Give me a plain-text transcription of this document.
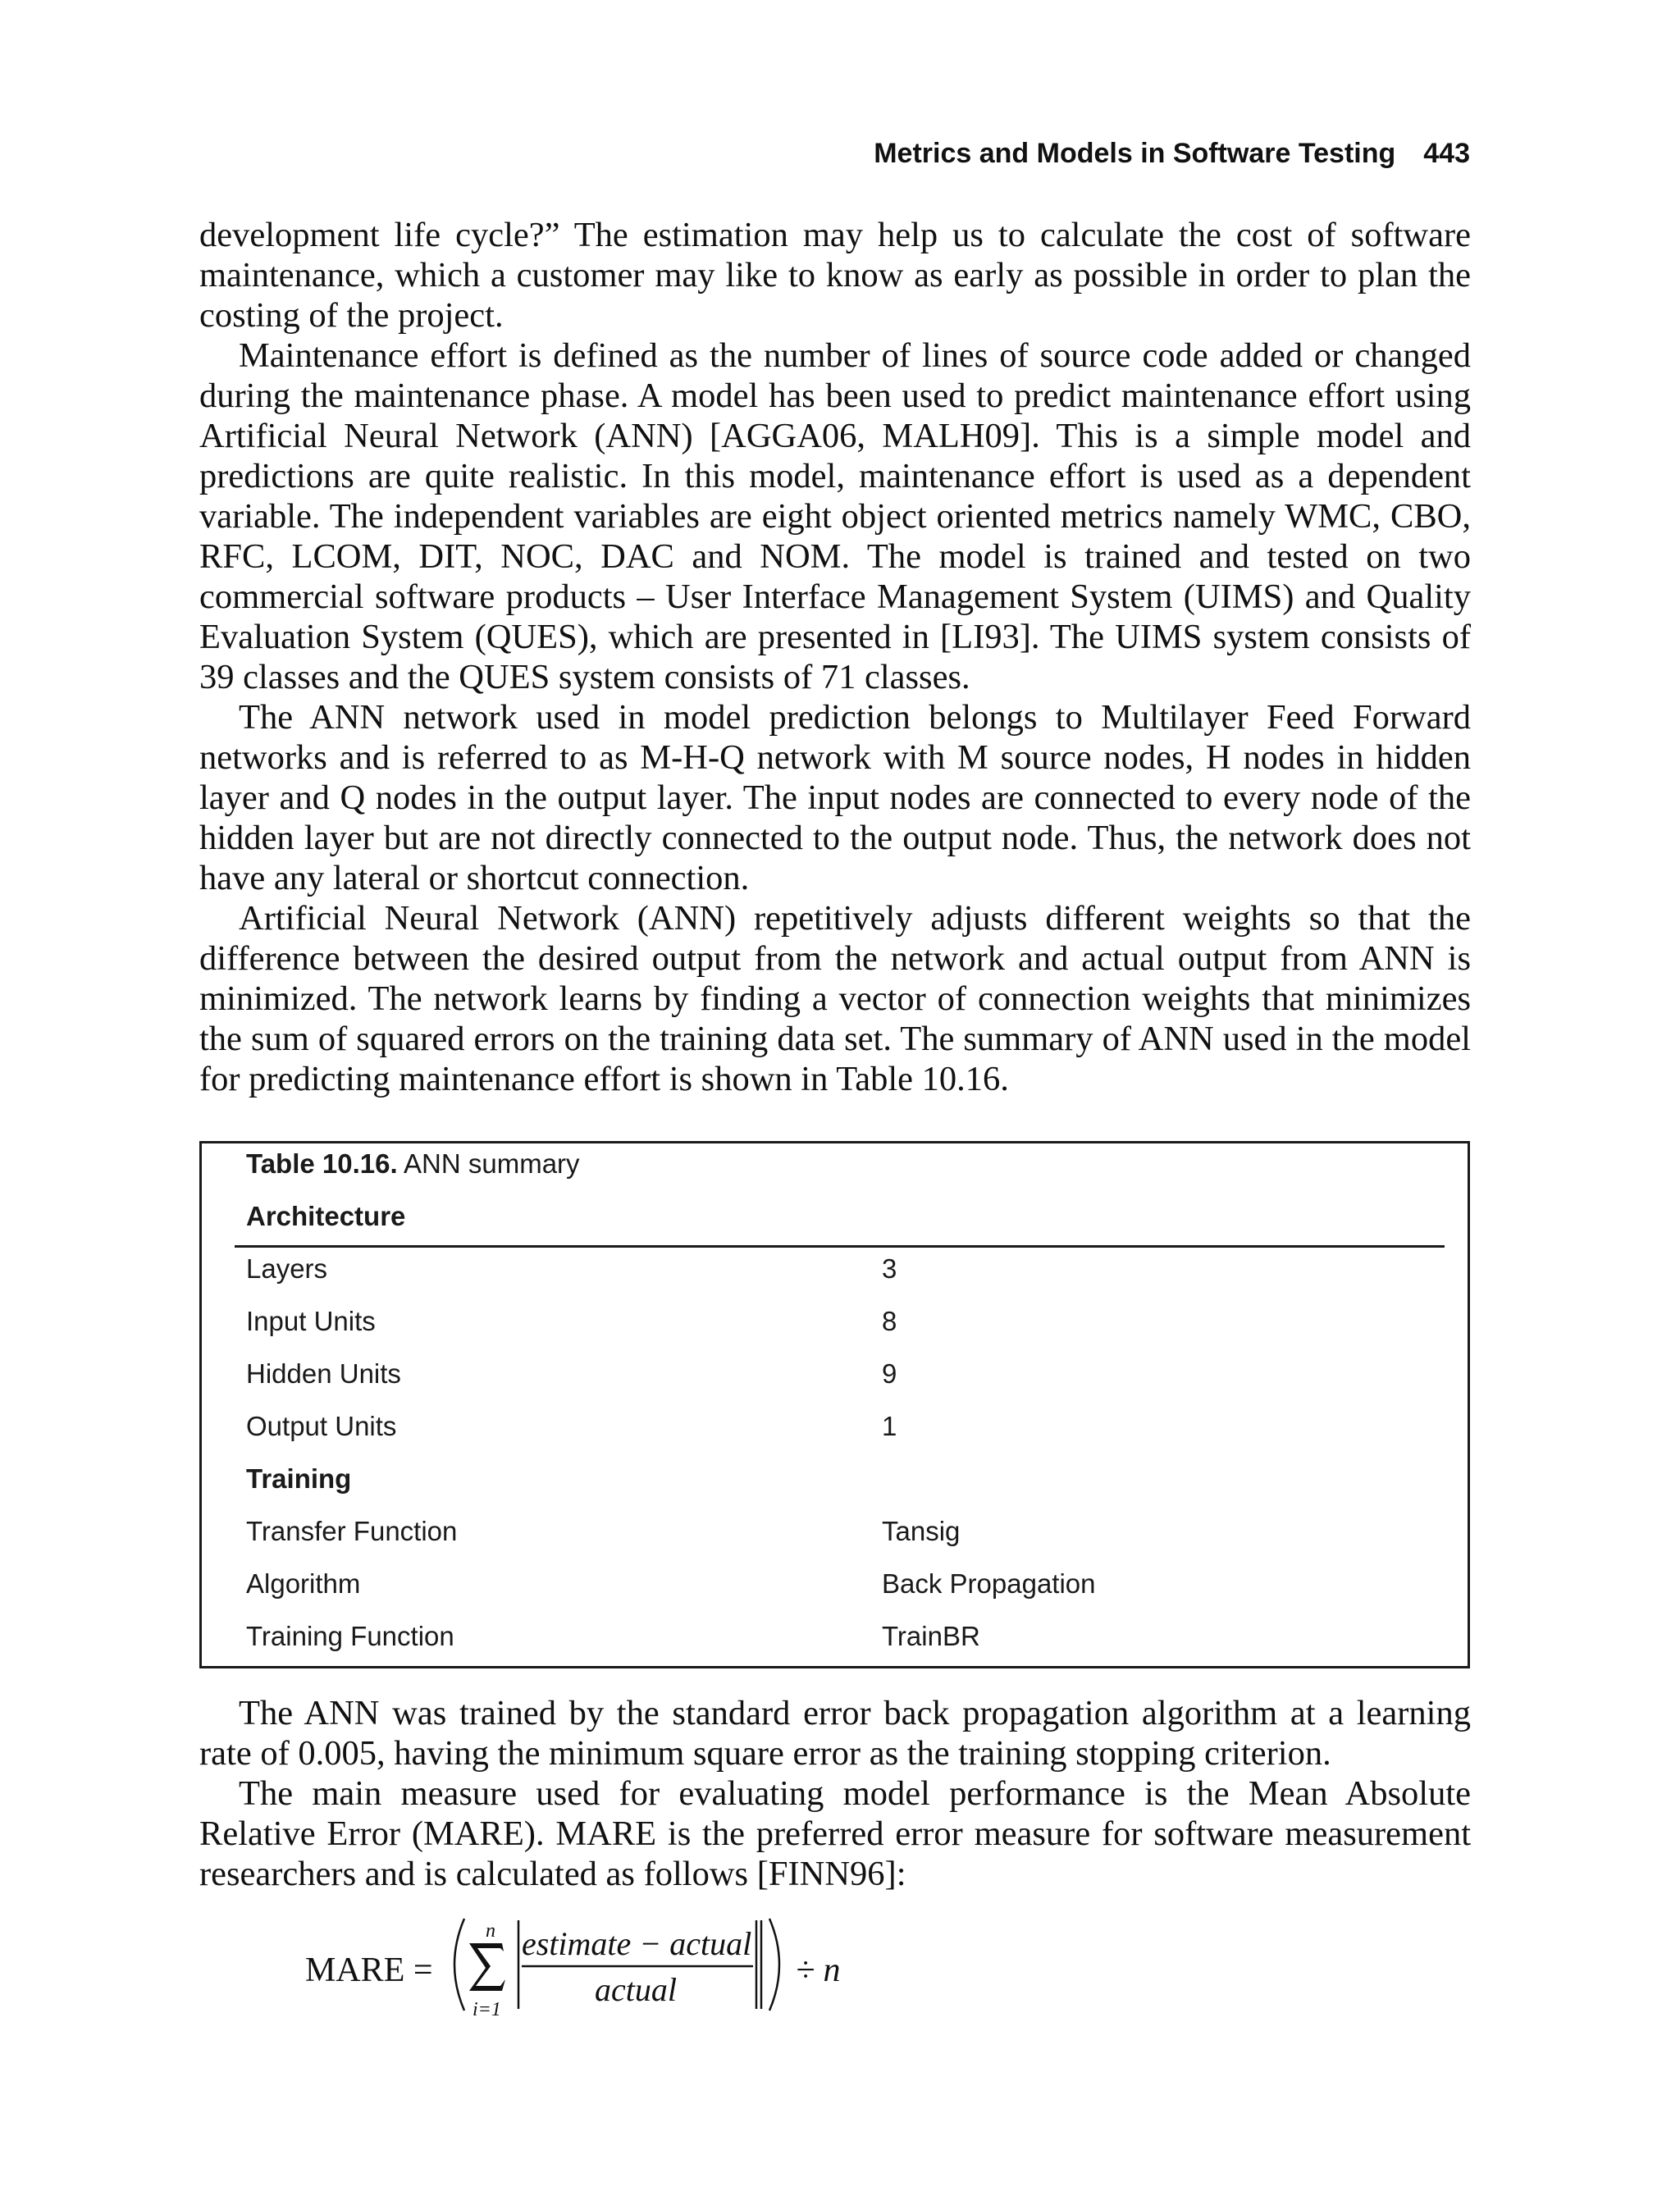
Metrics and Models in Software Testing 443

development life cycle?” The estimation may help us to calculate the cost of software maintenance, which a customer may like to know as early as possible in order to plan the costing of the project.

Maintenance effort is defined as the number of lines of source code added or changed during the maintenance phase. A model has been used to predict maintenance effort using Artificial Neural Network (ANN) [AGGA06, MALH09]. This is a simple model and predictions are quite realistic. In this model, maintenance effort is used as a dependent variable. The independent variables are eight object oriented metrics namely WMC, CBO, RFC, LCOM, DIT, NOC, DAC and NOM. The model is trained and tested on two commercial software products – User Interface Management System (UIMS) and Quality Evaluation System (QUES), which are presented in [LI93]. The UIMS system consists of 39 classes and the QUES system consists of 71 classes.

The ANN network used in model prediction belongs to Multilayer Feed Forward networks and is referred to as M-H-Q network with M source nodes, H nodes in hidden layer and Q nodes in the output layer. The input nodes are connected to every node of the hidden layer but are not directly connected to the output node. Thus, the network does not have any lateral or shortcut connection.

Artificial Neural Network (ANN) repetitively adjusts different weights so that the difference between the desired output from the network and actual output from ANN is minimized. The network learns by finding a vector of connection weights that minimizes the sum of squared errors on the training data set. The summary of ANN used in the model for predicting maintenance effort is shown in Table 10.16.

Table 10.16. ANN summary
Architecture
Layers	3
Input Units	8
Hidden Units	9
Output Units	1
Training
Transfer Function	Tansig
Algorithm	Back Propagation
Training Function	TrainBR

The ANN was trained by the standard error back propagation algorithm at a learning rate of 0.005, having the minimum square error as the training stopping criterion.

The main measure used for evaluating model performance is the Mean Absolute Relative Error (MARE). MARE is the preferred error measure for software measurement researchers and is calculated as follows [FINN96]:

MARE =
n
i=1
estimate − actual
actual
÷ n
